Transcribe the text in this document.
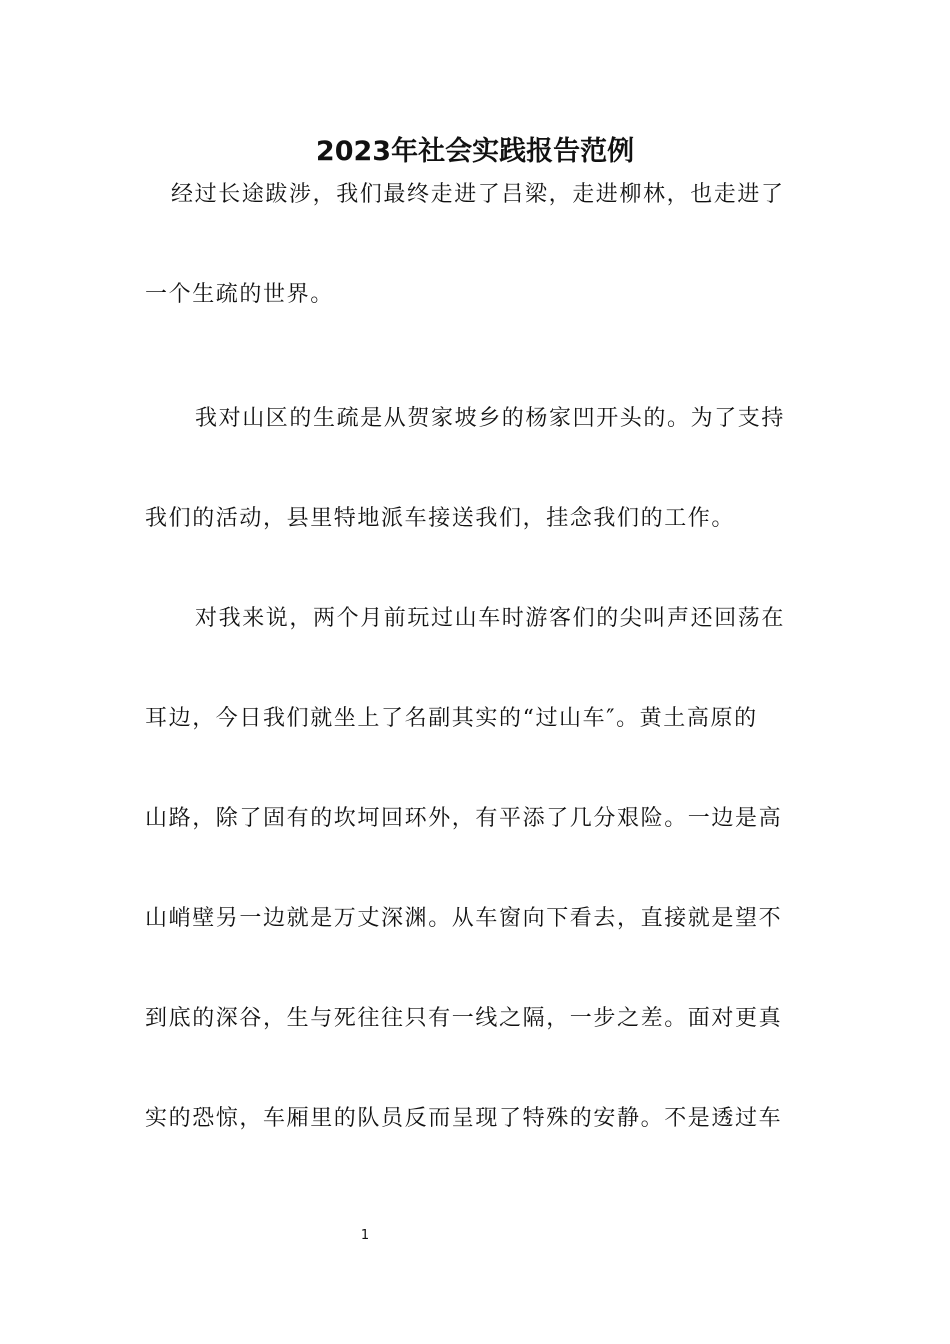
2023年社会实践报告范例
经过长途跋涉，我们最终走进了吕梁，走进柳林，也走进了
一个生疏的世界。
我对山区的生疏是从贺家坡乡的杨家凹开头的。为了支持
我们的活动，县里特地派车接送我们，挂念我们的工作。
对我来说，两个月前玩过山车时游客们的尖叫声还回荡在
耳边，今日我们就坐上了名副其实的“过山车″。黄土高原的
山路，除了固有的坎坷回环外，有平添了几分艰险。一边是高
山峭壁另一边就是万丈深渊。从车窗向下看去，直接就是望不
到底的深谷，生与死往往只有一线之隔，一步之差。面对更真
实的恐惊，车厢里的队员反而呈现了特殊的安静。不是透过车
1
